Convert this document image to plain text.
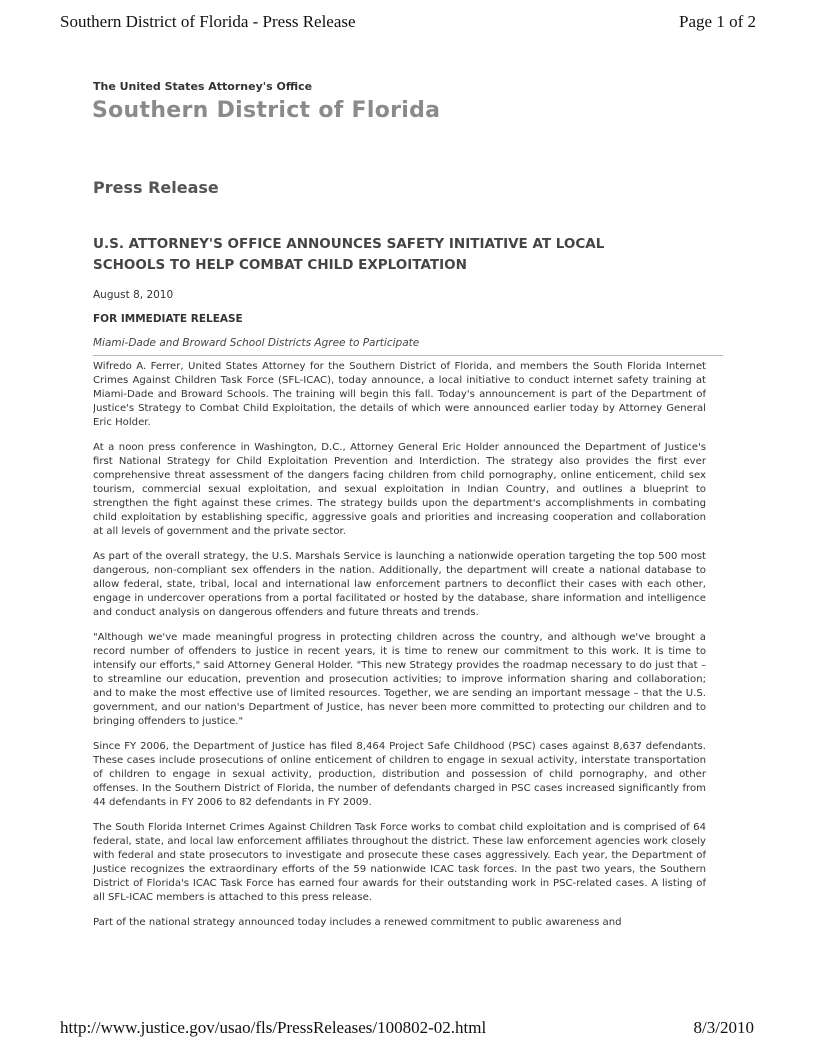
Southern District of Florida - Press Release	Page 1 of 2
The United States Attorney's Office
Southern District of Florida
Press Release
U.S. ATTORNEY'S OFFICE ANNOUNCES SAFETY INITIATIVE AT LOCAL
SCHOOLS TO HELP COMBAT CHILD EXPLOITATION
August 8, 2010
FOR IMMEDIATE RELEASE
Miami-Dade and Broward School Districts Agree to Participate

Wifredo A. Ferrer, United States Attorney for the Southern District of Florida, and members the South Florida Internet Crimes Against Children Task Force (SFL-ICAC), today announce, a local initiative to conduct internet safety training at Miami-Dade and Broward Schools. The training will begin this fall. Today's announcement is part of the Department of Justice's Strategy to Combat Child Exploitation, the details of which were announced earlier today by Attorney General Eric Holder.

At a noon press conference in Washington, D.C., Attorney General Eric Holder announced the Department of Justice's first National Strategy for Child Exploitation Prevention and Interdiction. The strategy also provides the first ever comprehensive threat assessment of the dangers facing children from child pornography, online enticement, child sex tourism, commercial sexual exploitation, and sexual exploitation in Indian Country, and outlines a blueprint to strengthen the fight against these crimes. The strategy builds upon the department's accomplishments in combating child exploitation by establishing specific, aggressive goals and priorities and increasing cooperation and collaboration at all levels of government and the private sector.

As part of the overall strategy, the U.S. Marshals Service is launching a nationwide operation targeting the top 500 most dangerous, non-compliant sex offenders in the nation. Additionally, the department will create a national database to allow federal, state, tribal, local and international law enforcement partners to deconflict their cases with each other, engage in undercover operations from a portal facilitated or hosted by the database, share information and intelligence and conduct analysis on dangerous offenders and future threats and trends.

"Although we've made meaningful progress in protecting children across the country, and although we've brought a record number of offenders to justice in recent years, it is time to renew our commitment to this work. It is time to intensify our efforts," said Attorney General Holder. "This new Strategy provides the roadmap necessary to do just that – to streamline our education, prevention and prosecution activities; to improve information sharing and collaboration; and to make the most effective use of limited resources. Together, we are sending an important message – that the U.S. government, and our nation's Department of Justice, has never been more committed to protecting our children and to bringing offenders to justice."

Since FY 2006, the Department of Justice has filed 8,464 Project Safe Childhood (PSC) cases against 8,637 defendants. These cases include prosecutions of online enticement of children to engage in sexual activity, interstate transportation of children to engage in sexual activity, production, distribution and possession of child pornography, and other offenses. In the Southern District of Florida, the number of defendants charged in PSC cases increased significantly from 44 defendants in FY 2006 to 82 defendants in FY 2009.

The South Florida Internet Crimes Against Children Task Force works to combat child exploitation and is comprised of 64 federal, state, and local law enforcement affiliates throughout the district. These law enforcement agencies work closely with federal and state prosecutors to investigate and prosecute these cases aggressively. Each year, the Department of Justice recognizes the extraordinary efforts of the 59 nationwide ICAC task forces. In the past two years, the Southern District of Florida's ICAC Task Force has earned four awards for their outstanding work in PSC-related cases. A listing of all SFL-ICAC members is attached to this press release.

Part of the national strategy announced today includes a renewed commitment to public awareness and

http://www.justice.gov/usao/fls/PressReleases/100802-02.html	8/3/2010
